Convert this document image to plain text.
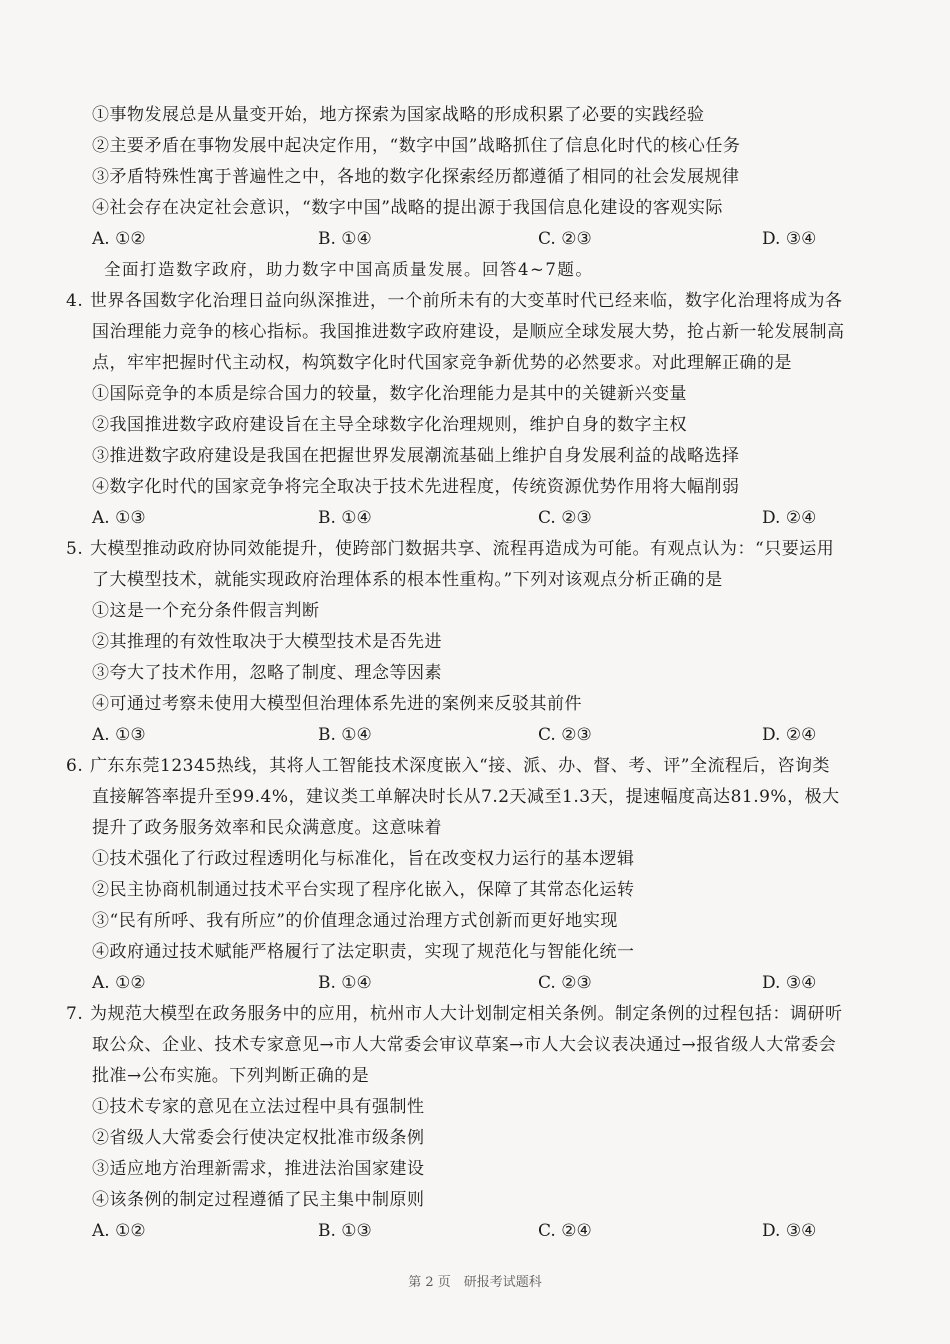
①事物发展总是从量变开始，地方探索为国家战略的形成积累了必要的实践经验
②主要矛盾在事物发展中起决定作用，“数字中国”战略抓住了信息化时代的核心任务
③矛盾特殊性寓于普遍性之中，各地的数字化探索经历都遵循了相同的社会发展规律
④社会存在决定社会意识，“数字中国”战略的提出源于我国信息化建设的客观实际
A. ①②	B. ①④	C. ②③	D. ③④
全面打造数字政府，助力数字中国高质量发展。回答4~7题。
4. 世界各国数字化治理日益向纵深推进，一个前所未有的大变革时代已经来临，数字化治理将成为各
国治理能力竞争的核心指标。我国推进数字政府建设，是顺应全球发展大势，抢占新一轮发展制高
点，牢牢把握时代主动权，构筑数字化时代国家竞争新优势的必然要求。对此理解正确的是
①国际竞争的本质是综合国力的较量，数字化治理能力是其中的关键新兴变量
②我国推进数字政府建设旨在主导全球数字化治理规则，维护自身的数字主权
③推进数字政府建设是我国在把握世界发展潮流基础上维护自身发展利益的战略选择
④数字化时代的国家竞争将完全取决于技术先进程度，传统资源优势作用将大幅削弱
A. ①③	B. ①④	C. ②③	D. ②④
5. 大模型推动政府协同效能提升，使跨部门数据共享、流程再造成为可能。有观点认为：“只要运用
了大模型技术，就能实现政府治理体系的根本性重构。”下列对该观点分析正确的是
①这是一个充分条件假言判断
②其推理的有效性取决于大模型技术是否先进
③夸大了技术作用，忽略了制度、理念等因素
④可通过考察未使用大模型但治理体系先进的案例来反驳其前件
A. ①③	B. ①④	C. ②③	D. ②④
6. 广东东莞12345热线，其将人工智能技术深度嵌入“接、派、办、督、考、评”全流程后，咨询类
直接解答率提升至99.4%，建议类工单解决时长从7.2天减至1.3天，提速幅度高达81.9%，极大
提升了政务服务效率和民众满意度。这意味着
①技术强化了行政过程透明化与标准化，旨在改变权力运行的基本逻辑
②民主协商机制通过技术平台实现了程序化嵌入，保障了其常态化运转
③“民有所呼、我有所应”的价值理念通过治理方式创新而更好地实现
④政府通过技术赋能严格履行了法定职责，实现了规范化与智能化统一
A. ①②	B. ①④	C. ②③	D. ③④
7. 为规范大模型在政务服务中的应用，杭州市人大计划制定相关条例。制定条例的过程包括：调研听
取公众、企业、技术专家意见→市人大常委会审议草案→市人大会议表决通过→报省级人大常委会
批准→公布实施。下列判断正确的是
①技术专家的意见在立法过程中具有强制性
②省级人大常委会行使决定权批准市级条例
③适应地方治理新需求，推进法治国家建设
④该条例的制定过程遵循了民主集中制原则
A. ①②	B. ①③	C. ②④	D. ③④
第 2 页　研报考试题科
